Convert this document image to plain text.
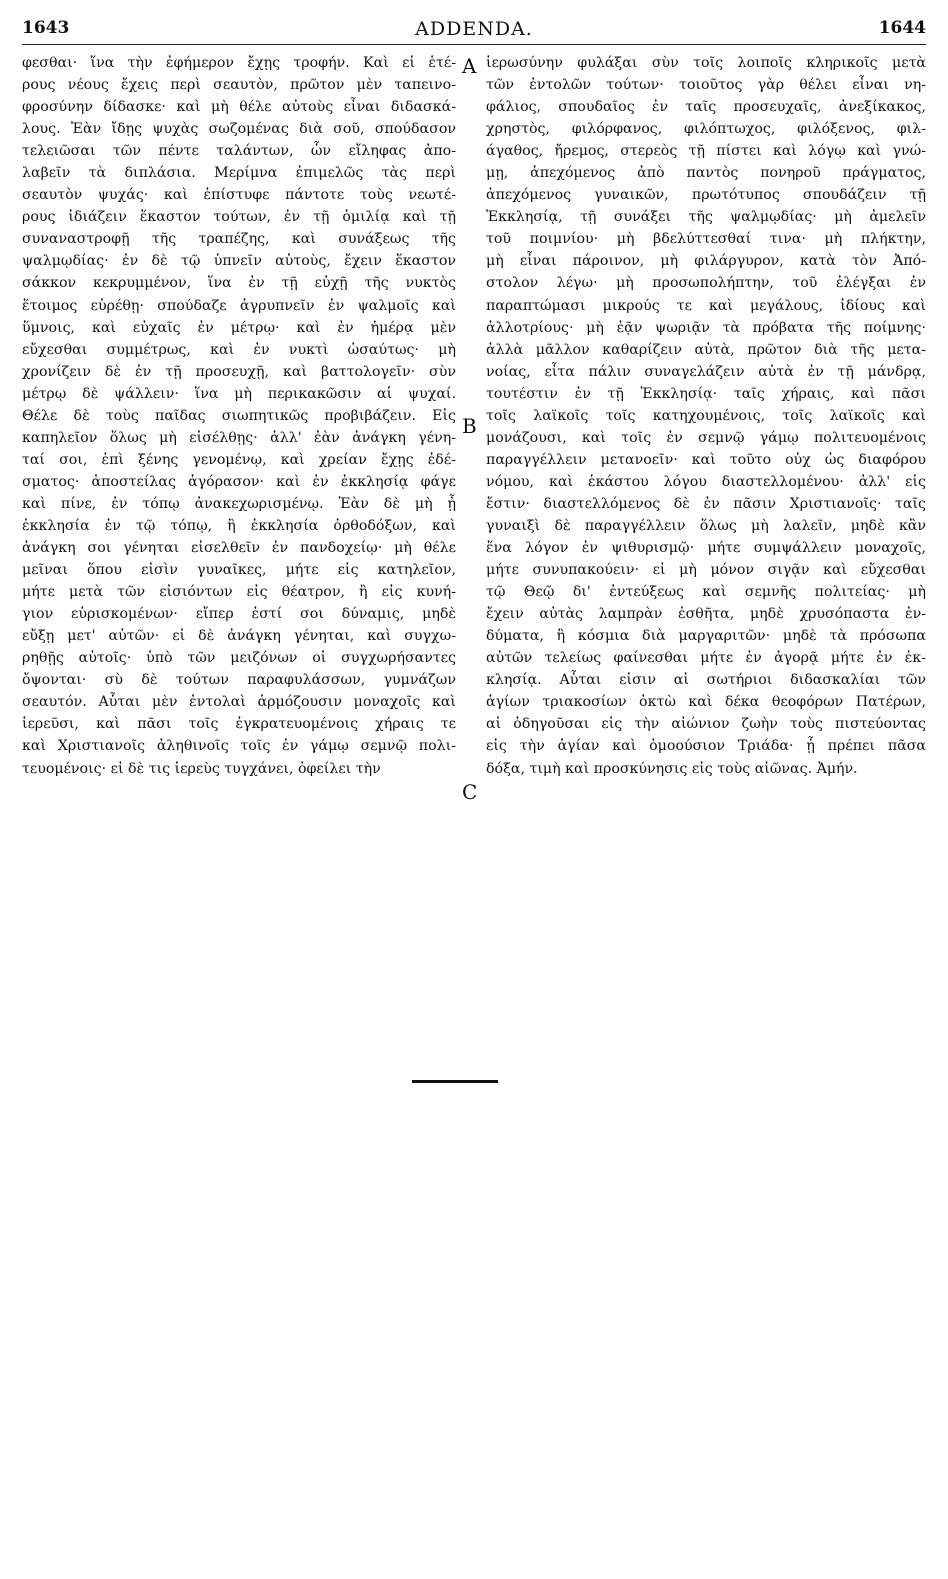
1643	ADDENDA.	1644
φεσθαι· ἵνα τὴν ἐφήμερον ἔχῃς τροφήν. Καὶ εἰ ἑτέ-
ρους νέους ἔχεις περὶ σεαυτὸν, πρῶτον μὲν ταπεινο-
φροσύνην δίδασκε· καὶ μὴ θέλε αὐτοὺς εἶναι διδασκά-
λους. Ἐὰν ἴδῃς ψυχὰς σωζομένας διὰ σοῦ, σπούδασον
τελειῶσαι τῶν πέντε ταλάντων, ὧν εἴληφας ἀπο-
λαβεῖν τὰ διπλάσια. Μερίμνα ἐπιμελῶς τὰς περὶ
σεαυτὸν ψυχάς· καὶ ἐπίστυφε πάντοτε τοὺς νεωτέ-
ρους ἰδιάζειν ἕκαστον τούτων, ἐν τῇ ὁμιλίᾳ καὶ τῇ
συναναστροφῇ τῆς τραπέζης, καὶ συνάξεως τῆς
ψαλμῳδίας· ἐν δὲ τῷ ὑπνεῖν αὐτοὺς, ἔχειν ἕκαστον
σάκκον κεκρυμμένον, ἵνα ἐν τῇ εὐχῇ τῆς νυκτὸς
ἕτοιμος εὑρέθῃ· σπούδαζε ἀγρυπνεῖν ἐν ψαλμοῖς καὶ
ὕμνοις, καὶ εὐχαῖς ἐν μέτρῳ· καὶ ἐν ἡμέρᾳ μὲν
εὔχεσθαι συμμέτρως, καὶ ἐν νυκτὶ ὡσαύτως· μὴ
χρονίζειν δὲ ἐν τῇ προσευχῇ, καὶ βαττολογεῖν· σὺν
μέτρῳ δὲ ψάλλειν· ἵνα μὴ περικακῶσιν αἱ ψυχαί.
Θέλε δὲ τοὺς παῖδας σιωπητικῶς προβιβάζειν. Εἰς
καπηλεῖον ὅλως μὴ εἰσέλθῃς· ἀλλ' ἐὰν ἀνάγκη γένη-
ταί σοι, ἐπὶ ξένης γενομένῳ, καὶ χρείαν ἔχῃς ἐδέ-
σματος· ἀποστείλας ἀγόρασον· καὶ ἐν ἐκκλησίᾳ φάγε
καὶ πίνε, ἐν τόπῳ ἀνακεχωρισμένῳ. Ἐὰν δὲ μὴ ᾖ
ἐκκλησία ἐν τῷ τόπῳ, ἢ ἐκκλησία ὀρθοδόξων, καὶ
ἀνάγκη σοι γένηται εἰσελθεῖν ἐν πανδοχείῳ· μὴ θέλε
μεῖναι ὅπου εἰσὶν γυναῖκες, μήτε εἰς κατηλεῖον,
μήτε μετὰ τῶν εἰσιόντων εἰς θέατρον, ἢ εἰς κυνή-
γιον εὑρισκομένων· εἴπερ ἐστί σοι δύναμις, μηδὲ
εὔξῃ μετ' αὐτῶν· εἰ δὲ ἀνάγκη γένηται, καὶ συγχω-
ρηθῇς αὐτοῖς· ὑπὸ τῶν μειζόνων οἱ συγχωρήσαντες
ὄψονται· σὺ δὲ τούτων παραφυλάσσων, γυμνάζων
σεαυτόν. Αὗται μὲν ἐντολαὶ ἁρμόζουσιν μοναχοῖς καὶ
ἱερεῦσι, καὶ πᾶσι τοῖς ἐγκρατευομένοις χήραις τε
καὶ Χριστιανοῖς ἀληθινοῖς τοῖς ἐν γάμῳ σεμνῷ πολι-
τευομένοις· εἰ δὲ τις ἱερεὺς τυγχάνει, ὀφείλει τὴν
ἱερωσύνην φυλάξαι σὺν τοῖς λοιποῖς κληρικοῖς μετὰ
τῶν ἐντολῶν τούτων· τοιοῦτος γὰρ θέλει εἶναι νη-
φάλιος, σπουδαῖος ἐν ταῖς προσευχαῖς, ἀνεξίκακος,
χρηστὸς, φιλόρφανος, φιλόπτωχος, φιλόξενος, φιλ-
άγαθος, ἤρεμος, στερεὸς τῇ πίστει καὶ λόγῳ καὶ γνώ-
μῃ, ἀπεχόμενος ἀπὸ παντὸς πονηροῦ πράγματος,
ἀπεχόμενος γυναικῶν, πρωτότυπος σπουδάζειν τῇ
Ἐκκλησίᾳ, τῇ συνάξει τῆς ψαλμῳδίας· μὴ ἀμελεῖν
τοῦ ποιμνίου· μὴ βδελύττεσθαί τινα· μὴ πλήκτην,
μὴ εἶναι πάροινον, μὴ φιλάργυρον, κατὰ τὸν Ἀπό-
στολον λέγω· μὴ προσωπολήπτην, τοῦ ἐλέγξαι ἐν
παραπτώμασι μικρούς τε καὶ μεγάλους, ἰδίους καὶ
ἀλλοτρίους· μὴ ἐᾷν ψωριᾷν τὰ πρόβατα τῆς ποίμνης·
ἀλλὰ μᾶλλον καθαρίζειν αὐτὰ, πρῶτον διὰ τῆς μετα-
νοίας, εἶτα πάλιν συναγελάζειν αὐτὰ ἐν τῇ μάνδρᾳ,
τουτέστιν ἐν τῇ Ἐκκλησίᾳ· ταῖς χήραις, καὶ πᾶσι
τοῖς λαϊκοῖς τοῖς κατηχουμένοις, τοῖς λαϊκοῖς καὶ
μονάζουσι, καὶ τοῖς ἐν σεμνῷ γάμῳ πολιτευομένοις
παραγγέλλειν μετανοεῖν· καὶ τοῦτο οὐχ ὡς διαφόρου
νόμου, καὶ ἑκάστου λόγου διαστελλομένου· ἀλλ' εἰς
ἔστιν· διαστελλόμενος δὲ ἐν πᾶσιν Χριστιανοῖς· ταῖς
γυναιξὶ δὲ παραγγέλλειν ὅλως μὴ λαλεῖν, μηδὲ κἂν
ἕνα λόγον ἐν ψιθυρισμῷ· μήτε συμψάλλειν μοναχοῖς,
μήτε συνυπακούειν· εἰ μὴ μόνον σιγᾷν καὶ εὔχεσθαι
τῷ Θεῷ δι' ἐντεύξεως καὶ σεμνῆς πολιτείας· μὴ
ἔχειν αὐτὰς λαμπρὰν ἐσθῆτα, μηδὲ χρυσόπαστα ἐν-
δύματα, ἢ κόσμια διὰ μαργαριτῶν· μηδὲ τὰ πρόσωπα
αὐτῶν τελείως φαίνεσθαι μήτε ἐν ἀγορᾷ μήτε ἐν ἐκ-
κλησίᾳ. Αὗται εἰσιν αἱ σωτήριοι διδασκαλίαι τῶν
ἁγίων τριακοσίων ὀκτὼ καὶ δέκα θεοφόρων Πατέρων,
αἱ ὁδηγοῦσαι εἰς τὴν αἰώνιον ζωὴν τοὺς πιστεύοντας
εἰς τὴν ἁγίαν καὶ ὁμοούσιον Τριάδα· ᾗ πρέπει πᾶσα
δόξα, τιμὴ καὶ προσκύνησις εἰς τοὺς αἰῶνας. Ἀμήν.
A
B
C
